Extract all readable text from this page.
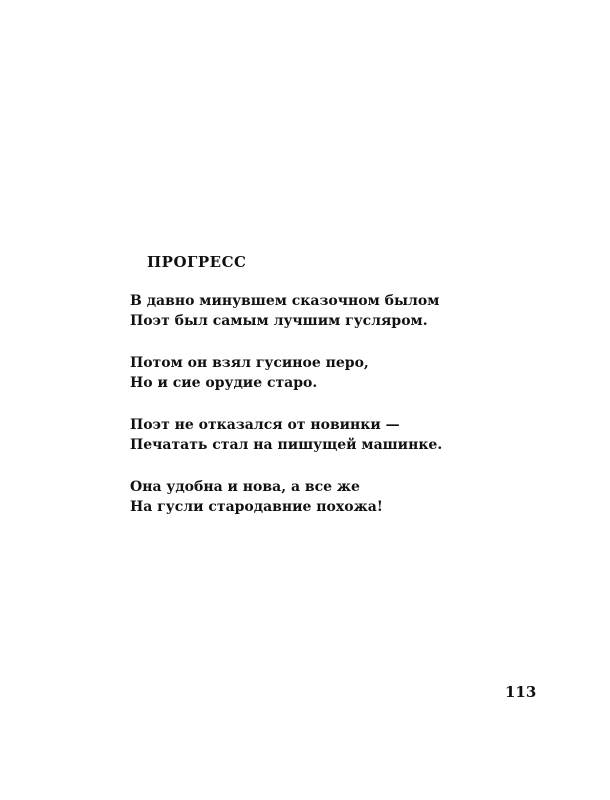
ПРОГРЕСС
В давно минувшем сказочном былом
Поэт был самым лучшим гусляром.
Потом он взял гусиное перо,
Но и сие орудие старо.
Поэт не отказался от новинки —
Печатать стал на пишущей машинке.
Она удобна и нова, а все же
На гусли стародавние похожа!
113
